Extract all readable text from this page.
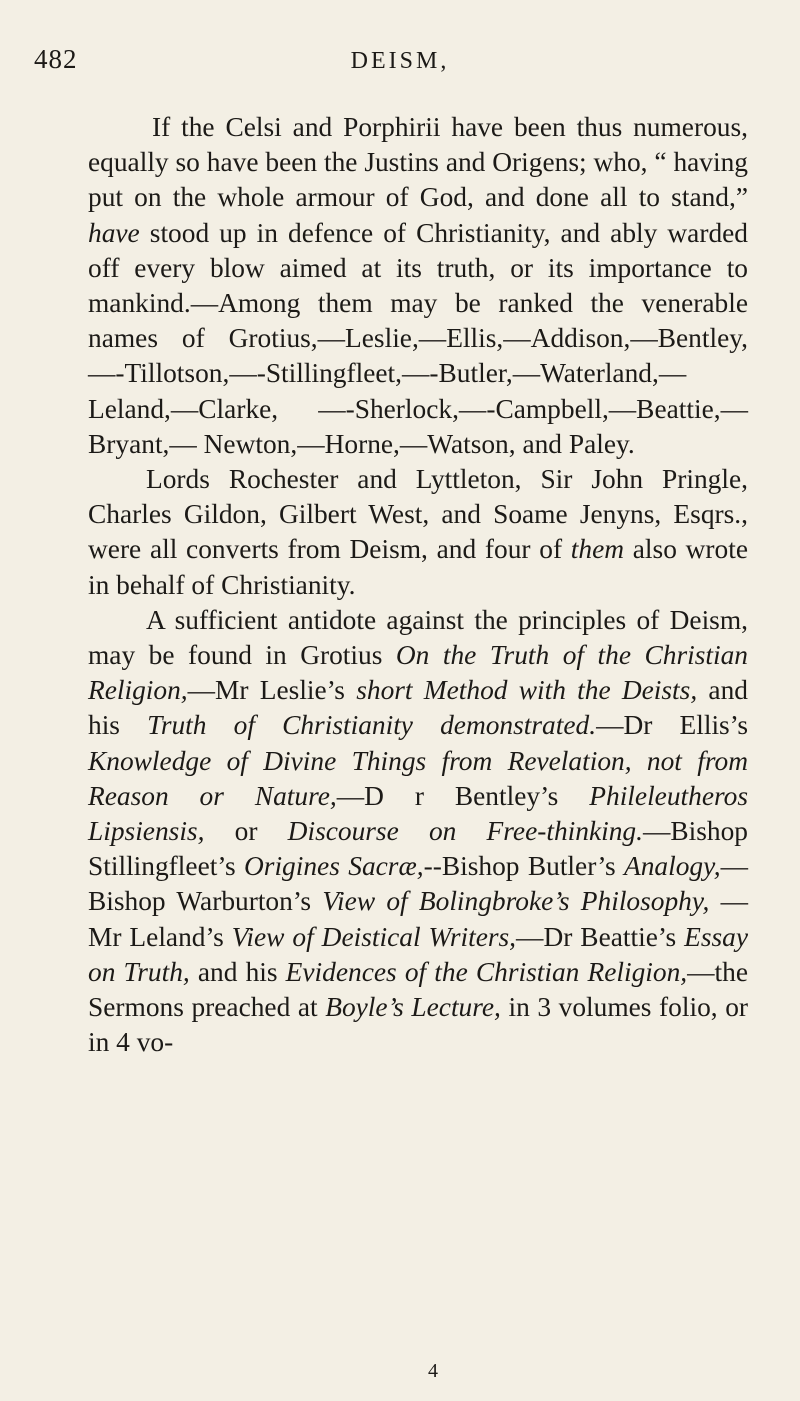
482	DEISM,

If the Celsi and Porphirii have been thus numerous, equally so have been the Justins and Origens; who, “ having put on the whole armour of God, and done all to stand,” have stood up in defence of Christianity, and ably warded off every blow aimed at its truth, or its importance to mankind.—Among them may be ranked the venerable names of Grotius,—Leslie,—Ellis,—Addison,—Bentley,—-Tillotson,—-Stillingfleet,—-Butler,—Waterland,—Leland,—Clarke, —-Sherlock,—-Campbell,—Beattie,—Bryant,— Newton,—Horne,—Watson, and Paley.

Lords Rochester and Lyttleton, Sir John Pringle, Charles Gildon, Gilbert West, and Soame Jenyns, Esqrs., were all converts from Deism, and four of them also wrote in behalf of Christianity.

A sufficient antidote against the principles of Deism, may be found in Grotius On the Truth of the Christian Religion,—Mr Leslie’s short Method with the Deists, and his Truth of Christianity demonstrated.—Dr Ellis’s Knowledge of Divine Things from Revelation, not from Reason or Nature,—D r Bentley’s Phileleutheros Lipsiensis, or Discourse on Free-thinking.—Bishop Stillingfleet’s Origines Sacræ,--Bishop Butler’s Analogy,—Bishop Warburton’s View of Bolingbroke’s Philosophy, —Mr Leland’s View of Deistical Writers,—Dr Beattie’s Essay on Truth, and his Evidences of the Christian Religion,—the Sermons preached at Boyle’s Lecture, in 3 volumes folio, or in 4 vo-

4
